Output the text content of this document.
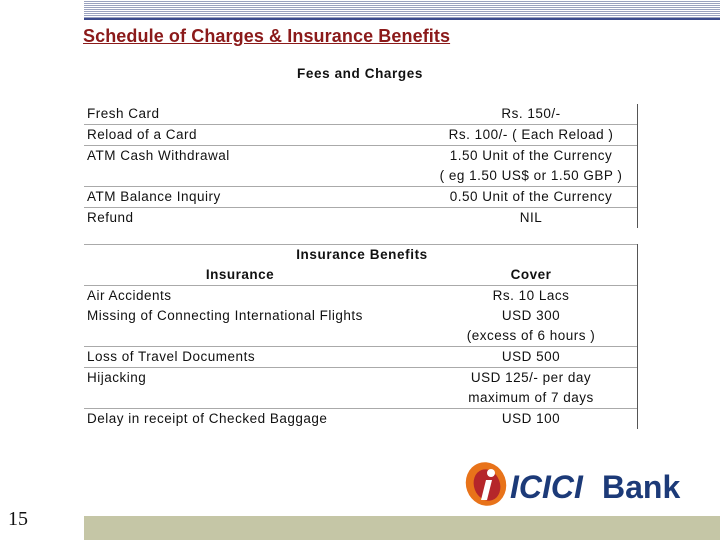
Schedule of Charges & Insurance Benefits
Fees and Charges
Fresh Card	Rs. 150/-
Reload of a Card	Rs. 100/- ( Each Reload )
ATM Cash Withdrawal	1.50 Unit of the Currency
( eg 1.50 US$ or 1.50 GBP )
ATM Balance Inquiry	0.50 Unit of the Currency
Refund	NIL
Insurance Benefits
Insurance	Cover
Air Accidents	Rs. 10 Lacs
Missing of Connecting International Flights	USD 300
(excess of 6 hours )
Loss of Travel Documents	USD 500
Hijacking	USD 125/- per day
maximum of 7 days
Delay in receipt of Checked Baggage	USD 100
ICICI Bank
15
